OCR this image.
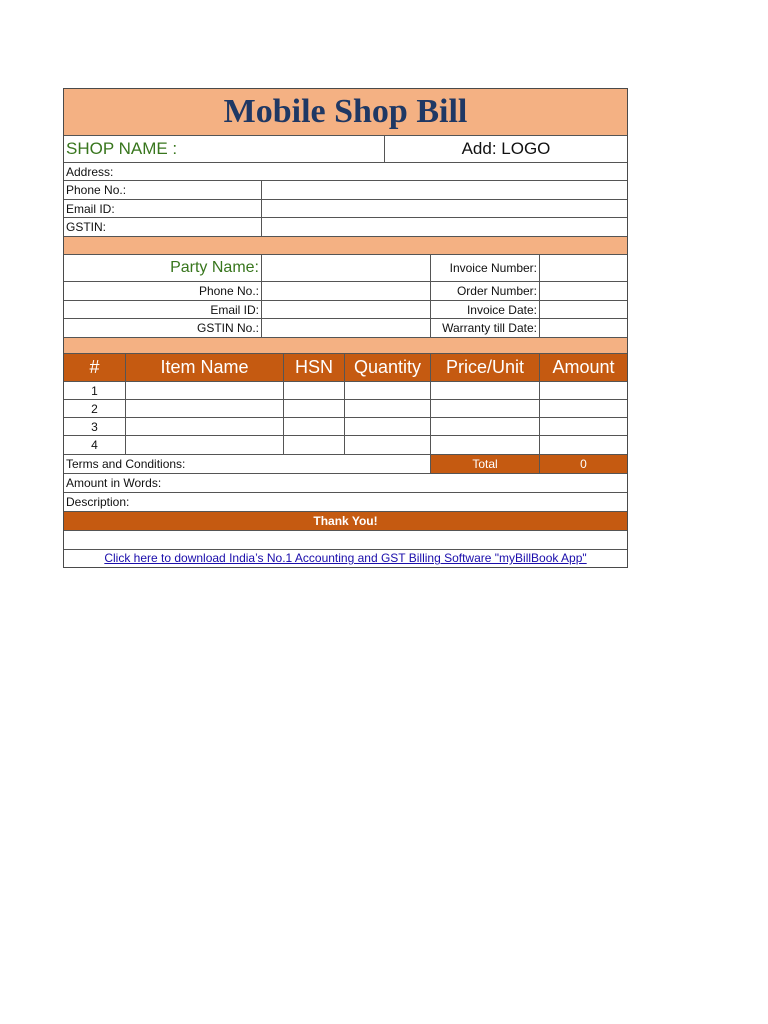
Mobile Shop Bill
SHOP NAME :	Add: LOGO
Address:
Phone No.:
Email ID:
GSTIN:
Party Name:	Invoice Number:
Phone No.:	Order Number:
Email ID:	Invoice Date:
GSTIN No.:	Warranty till Date:
#	Item Name	HSN	Quantity	Price/Unit	Amount
1
2
3
4
Terms and Conditions:	Total	0
Amount in Words:
Description:
Thank You!
Click here to download India’s No.1 Accounting and GST Billing Software "myBillBook App"
